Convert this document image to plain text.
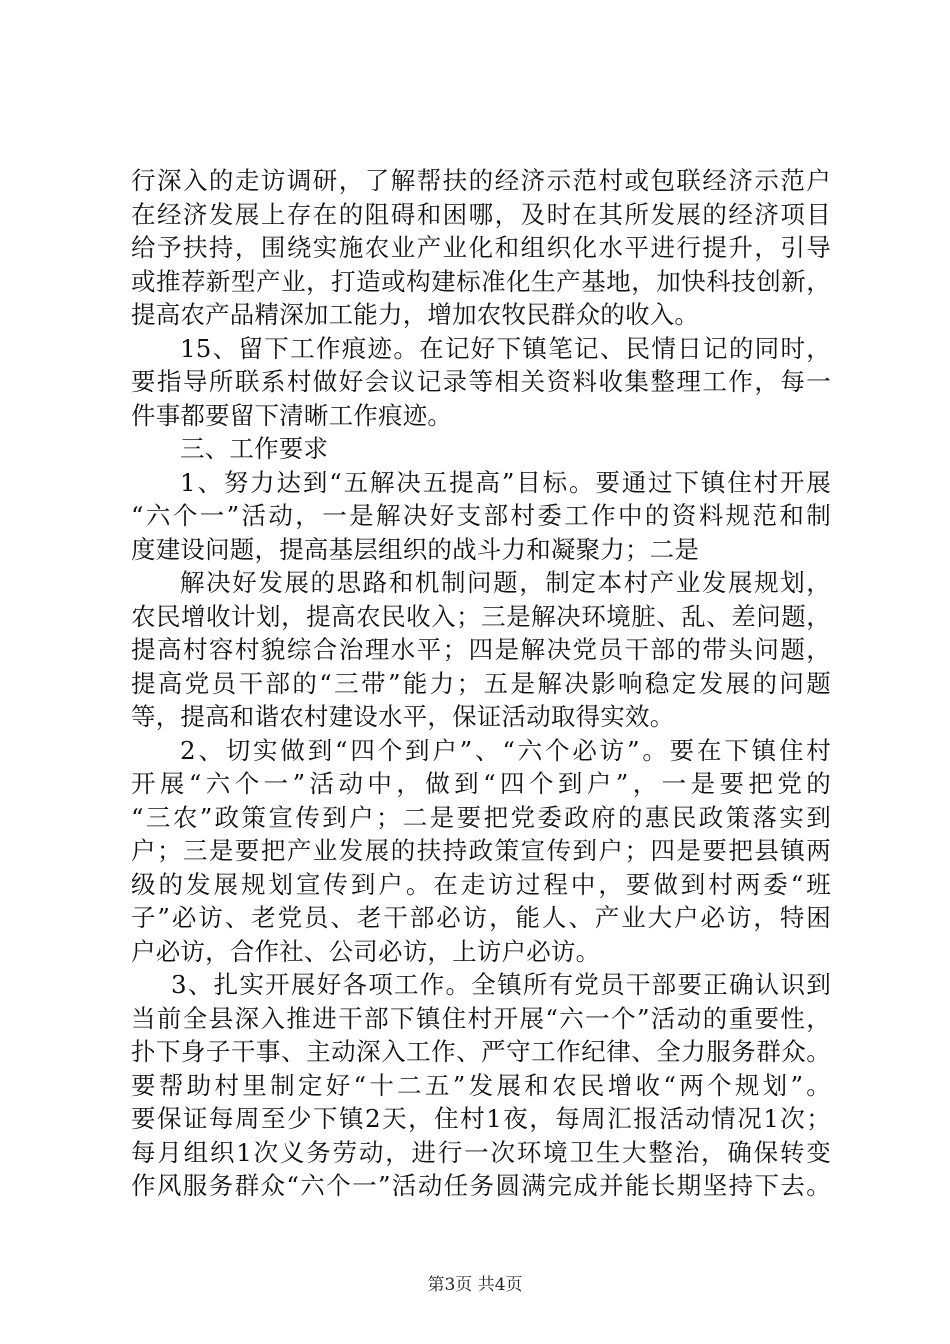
行深入的走访调研，了解帮扶的经济示范村或包联经济示范户
在经济发展上存在的阻碍和困哪，及时在其所发展的经济项目
给予扶持，围绕实施农业产业化和组织化水平进行提升，引导
或推荐新型产业，打造或构建标准化生产基地，加快科技创新，
提高农产品精深加工能力，增加农牧民群众的收入。
15、留下工作痕迹。在记好下镇笔记、民情日记的同时，
要指导所联系村做好会议记录等相关资料收集整理工作，每一
件事都要留下清晰工作痕迹。
三、工作要求
1、努力达到“五解决五提高”目标。要通过下镇住村开展
“六个一”活动，一是解决好支部村委工作中的资料规范和制
度建设问题，提高基层组织的战斗力和凝聚力；二是
解决好发展的思路和机制问题，制定本村产业发展规划，
农民增收计划，提高农民收入；三是解决环境脏、乱、差问题，
提高村容村貌综合治理水平；四是解决党员干部的带头问题，
提高党员干部的“三带”能力；五是解决影响稳定发展的问题
等，提高和谐农村建设水平，保证活动取得实效。
2、切实做到“四个到户”、“六个必访”。要在下镇住村
开展“六个一”活动中，做到“四个到户”，一是要把党的
“三农”政策宣传到户；二是要把党委政府的惠民政策落实到
户；三是要把产业发展的扶持政策宣传到户；四是要把县镇两
级的发展规划宣传到户。在走访过程中，要做到村两委“班
子”必访、老党员、老干部必访，能人、产业大户必访，特困
户必访，合作社、公司必访，上访户必访。
3、扎实开展好各项工作。全镇所有党员干部要正确认识到
当前全县深入推进干部下镇住村开展“六一个”活动的重要性，
扑下身子干事、主动深入工作、严守工作纪律、全力服务群众。
要帮助村里制定好“十二五”发展和农民增收“两个规划”。
要保证每周至少下镇2天，住村1夜，每周汇报活动情况1次；
每月组织1次义务劳动，进行一次环境卫生大整治，确保转变
作风服务群众“六个一”活动任务圆满完成并能长期坚持下去。
第3页 共4页
